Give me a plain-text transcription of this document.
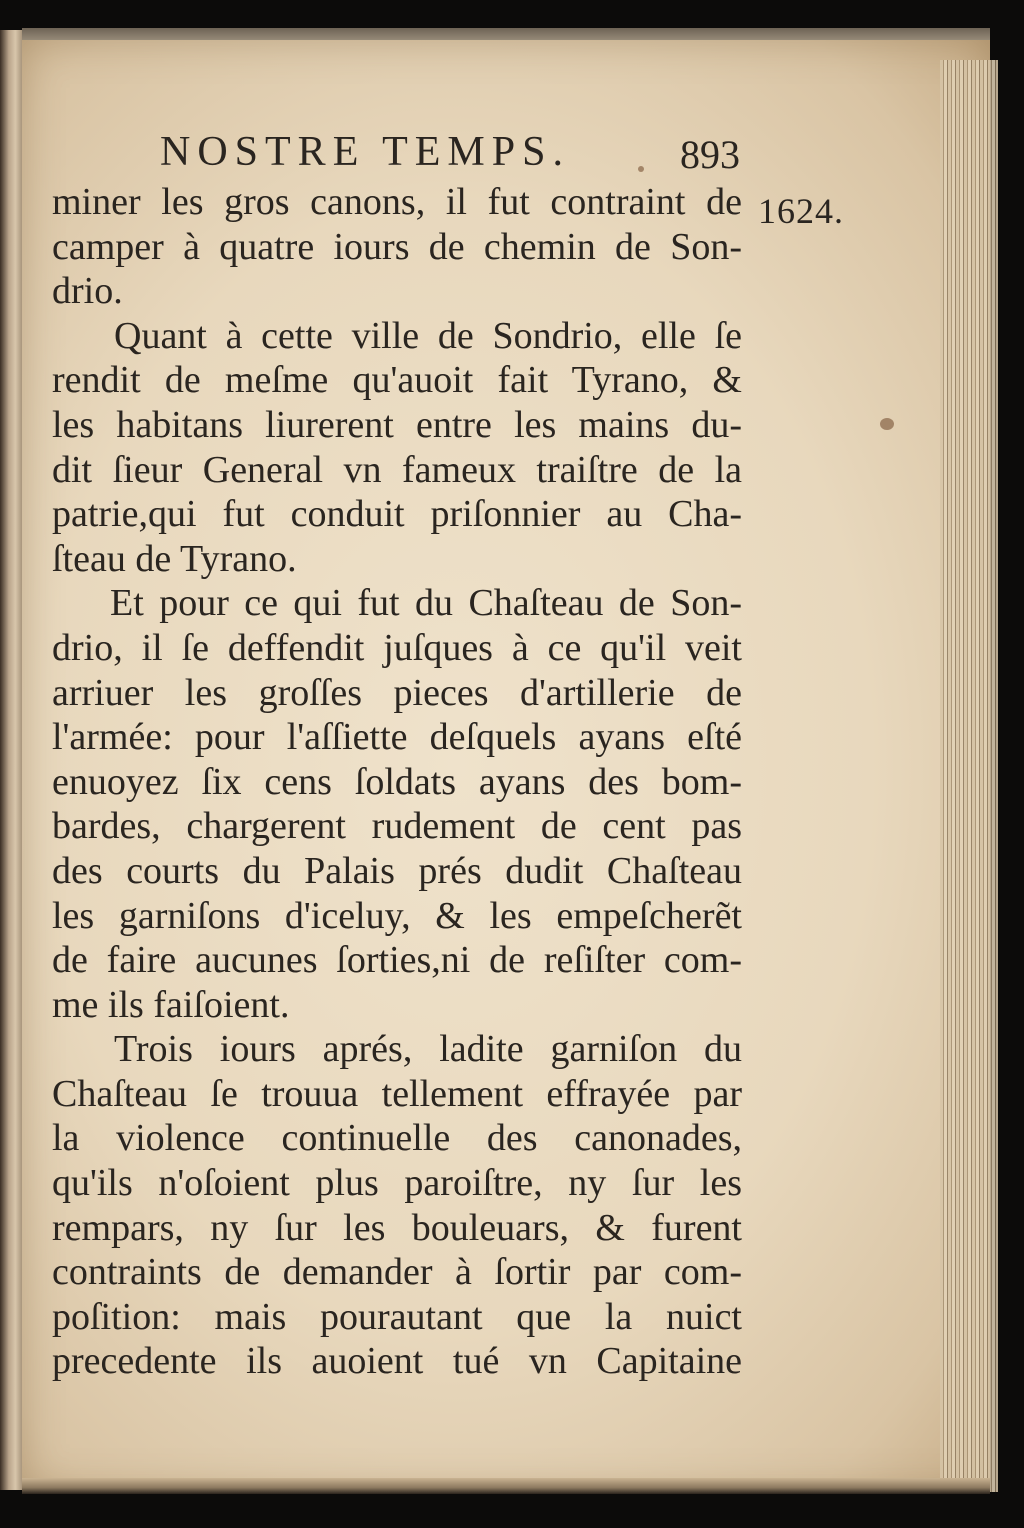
NOSTRE TEMPS.	893
1624.
miner les gros canons, il fut contraint de
camper à quatre iours de chemin de Son-
drio.
Quant à cette ville de Sondrio, elle ſe
rendit de meſme qu'auoit fait Tyrano, &
les habitans liurerent entre les mains du-
dit ſieur General vn fameux traiſtre de la
patrie,qui fut conduit priſonnier au Cha-
ſteau de Tyrano.
Et pour ce qui fut du Chaſteau de Son-
drio, il ſe deffendit juſques à ce qu'il veit
arriuer les groſſes pieces d'artillerie de
l'armée: pour l'aſſiette deſquels ayans eſté
enuoyez ſix cens ſoldats ayans des bom-
bardes, chargerent rudement de cent pas
des courts du Palais prés dudit Chaſteau
les garniſons d'iceluy, & les empeſcherẽt
de faire aucunes ſorties,ni de reſiſter com-
me ils faiſoient.
Trois iours aprés, ladite garniſon du
Chaſteau ſe trouua tellement effrayée par
la violence continuelle des canonades,
qu'ils n'oſoient plus paroiſtre, ny ſur les
rempars, ny ſur les bouleuars, & furent
contraints de demander à ſortir par com-
poſition: mais pourautant que la nuict
precedente ils auoient tué vn Capitaine
